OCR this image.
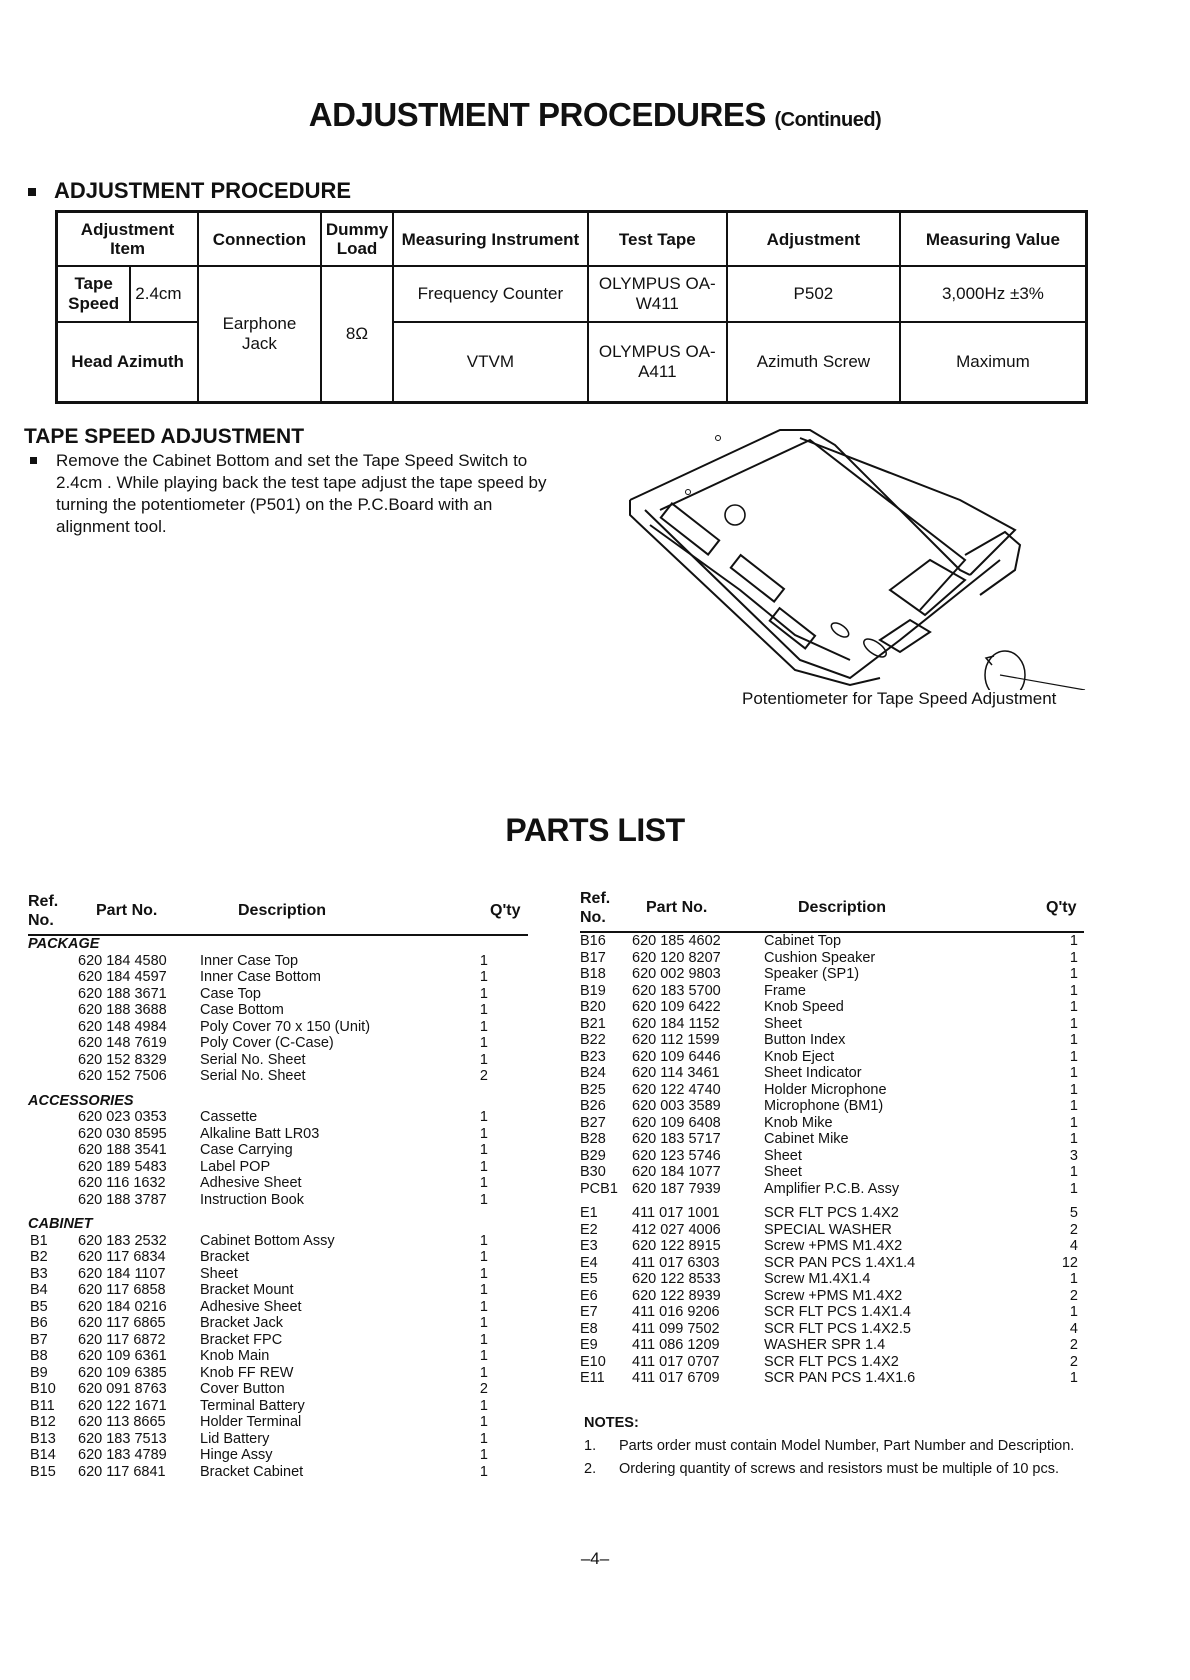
ADJUSTMENT PROCEDURES (Continued)
ADJUSTMENT PROCEDURE
Adjustment Item		Connection	Dummy Load	Measuring Instrument	Test Tape	Adjustment	Measuring Value
Tape Speed	2.4cm	Earphone Jack	8Ω	Frequency Counter	OLYMPUS OA-W411	P502	3,000Hz ±3%
Head Azimuth				VTVM	OLYMPUS OA-A411	Azimuth Screw	Maximum
TAPE SPEED ADJUSTMENT

Remove the Cabinet Bottom and set the Tape Speed Switch to 2.4cm . While playing back the test tape adjust the tape speed by turning the potentiometer (P501) on the P.C.Board with an alignment tool.

Potentiometer for Tape Speed Adjustment
PARTS LIST
Ref. No.
Part No.	Description	Q'ty
PACKAGE
620 184 4580 Inner Case Top	1
620 184 4597 Inner Case Bottom	1
620 188 3671 Case Top	1
620 188 3688 Case Bottom	1
620 148 4984 Poly Cover 70 x 150 (Unit)	1
620 148 7619 Poly Cover (C-Case)	1
620 152 8329 Serial No. Sheet	1
620 152 7506 Serial No. Sheet	2
ACCESSORIES
620 023 0353 Cassette	1
620 030 8595 Alkaline Batt LR03	1
620 188 3541 Case Carrying	1
620 189 5483 Label POP	1
620 116 1632 Adhesive Sheet	1
620 188 3787 Instruction Book	1
CABINET
B1 620 183 2532 Cabinet Bottom Assy	1
B2 620 117 6834 Bracket	1
B3 620 184 1107 Sheet	1
B4 620 117 6858 Bracket Mount	1
B5 620 184 0216 Adhesive Sheet	1
B6 620 117 6865 Bracket Jack	1
B7 620 117 6872 Bracket FPC	1
B8 620 109 6361 Knob Main	1
B9 620 109 6385 Knob FF REW	1
B10 620 091 8763 Cover Button	2
B11 620 122 1671 Terminal Battery	1
B12 620 113 8665 Holder Terminal	1
B13 620 183 7513 Lid Battery	1
B14 620 183 4789 Hinge Assy	1
B15 620 117 6841 Bracket Cabinet	1
Ref. No.
Part No.	Description	Q'ty
B16 620 185 4602	Cabinet Top	1
B17 620 120 8207	Cushion Speaker	1
B18 620 002 9803	Speaker (SP1)	1
B19 620 183 5700	Frame	1
B20 620 109 6422	Knob Speed	1
B21 620 184 1152	Sheet	1
B22 620 112 1599	Button Index	1
B23 620 109 6446	Knob Eject	1
B24 620 114 3461	Sheet Indicator	1
B25 620 122 4740	Holder Microphone	1
B26 620 003 3589	Microphone (BM1)	1
B27 620 109 6408	Knob Mike	1
B28 620 183 5717	Cabinet Mike	1
B29 620 123 5746	Sheet	3
B30 620 184 1077	Sheet	1
PCB1 620 187 7939	Amplifier P.C.B. Assy	1
E1 411 017 1001	SCR FLT PCS 1.4X2	5
E2 412 027 4006	SPECIAL WASHER	2
E3 620 122 8915	Screw +PMS M1.4X2	4
E4 411 017 6303	SCR PAN PCS 1.4X1.4	12
E5 620 122 8533	Screw M1.4X1.4	1
E6 620 122 8939	Screw +PMS M1.4X2	2
E7 411 016 9206	SCR FLT PCS 1.4X1.4	1
E8 411 099 7502	SCR FLT PCS 1.4X2.5	4
E9 411 086 1209	WASHER SPR 1.4	2
E10 411 017 0707	SCR FLT PCS 1.4X2	2
E11 411 017 6709	SCR PAN PCS 1.4X1.6	1
NOTES:
1. Parts order must contain Model Number, Part Number and Description.
2. Ordering quantity of screws and resistors must be multiple of 10 pcs.
–4–
